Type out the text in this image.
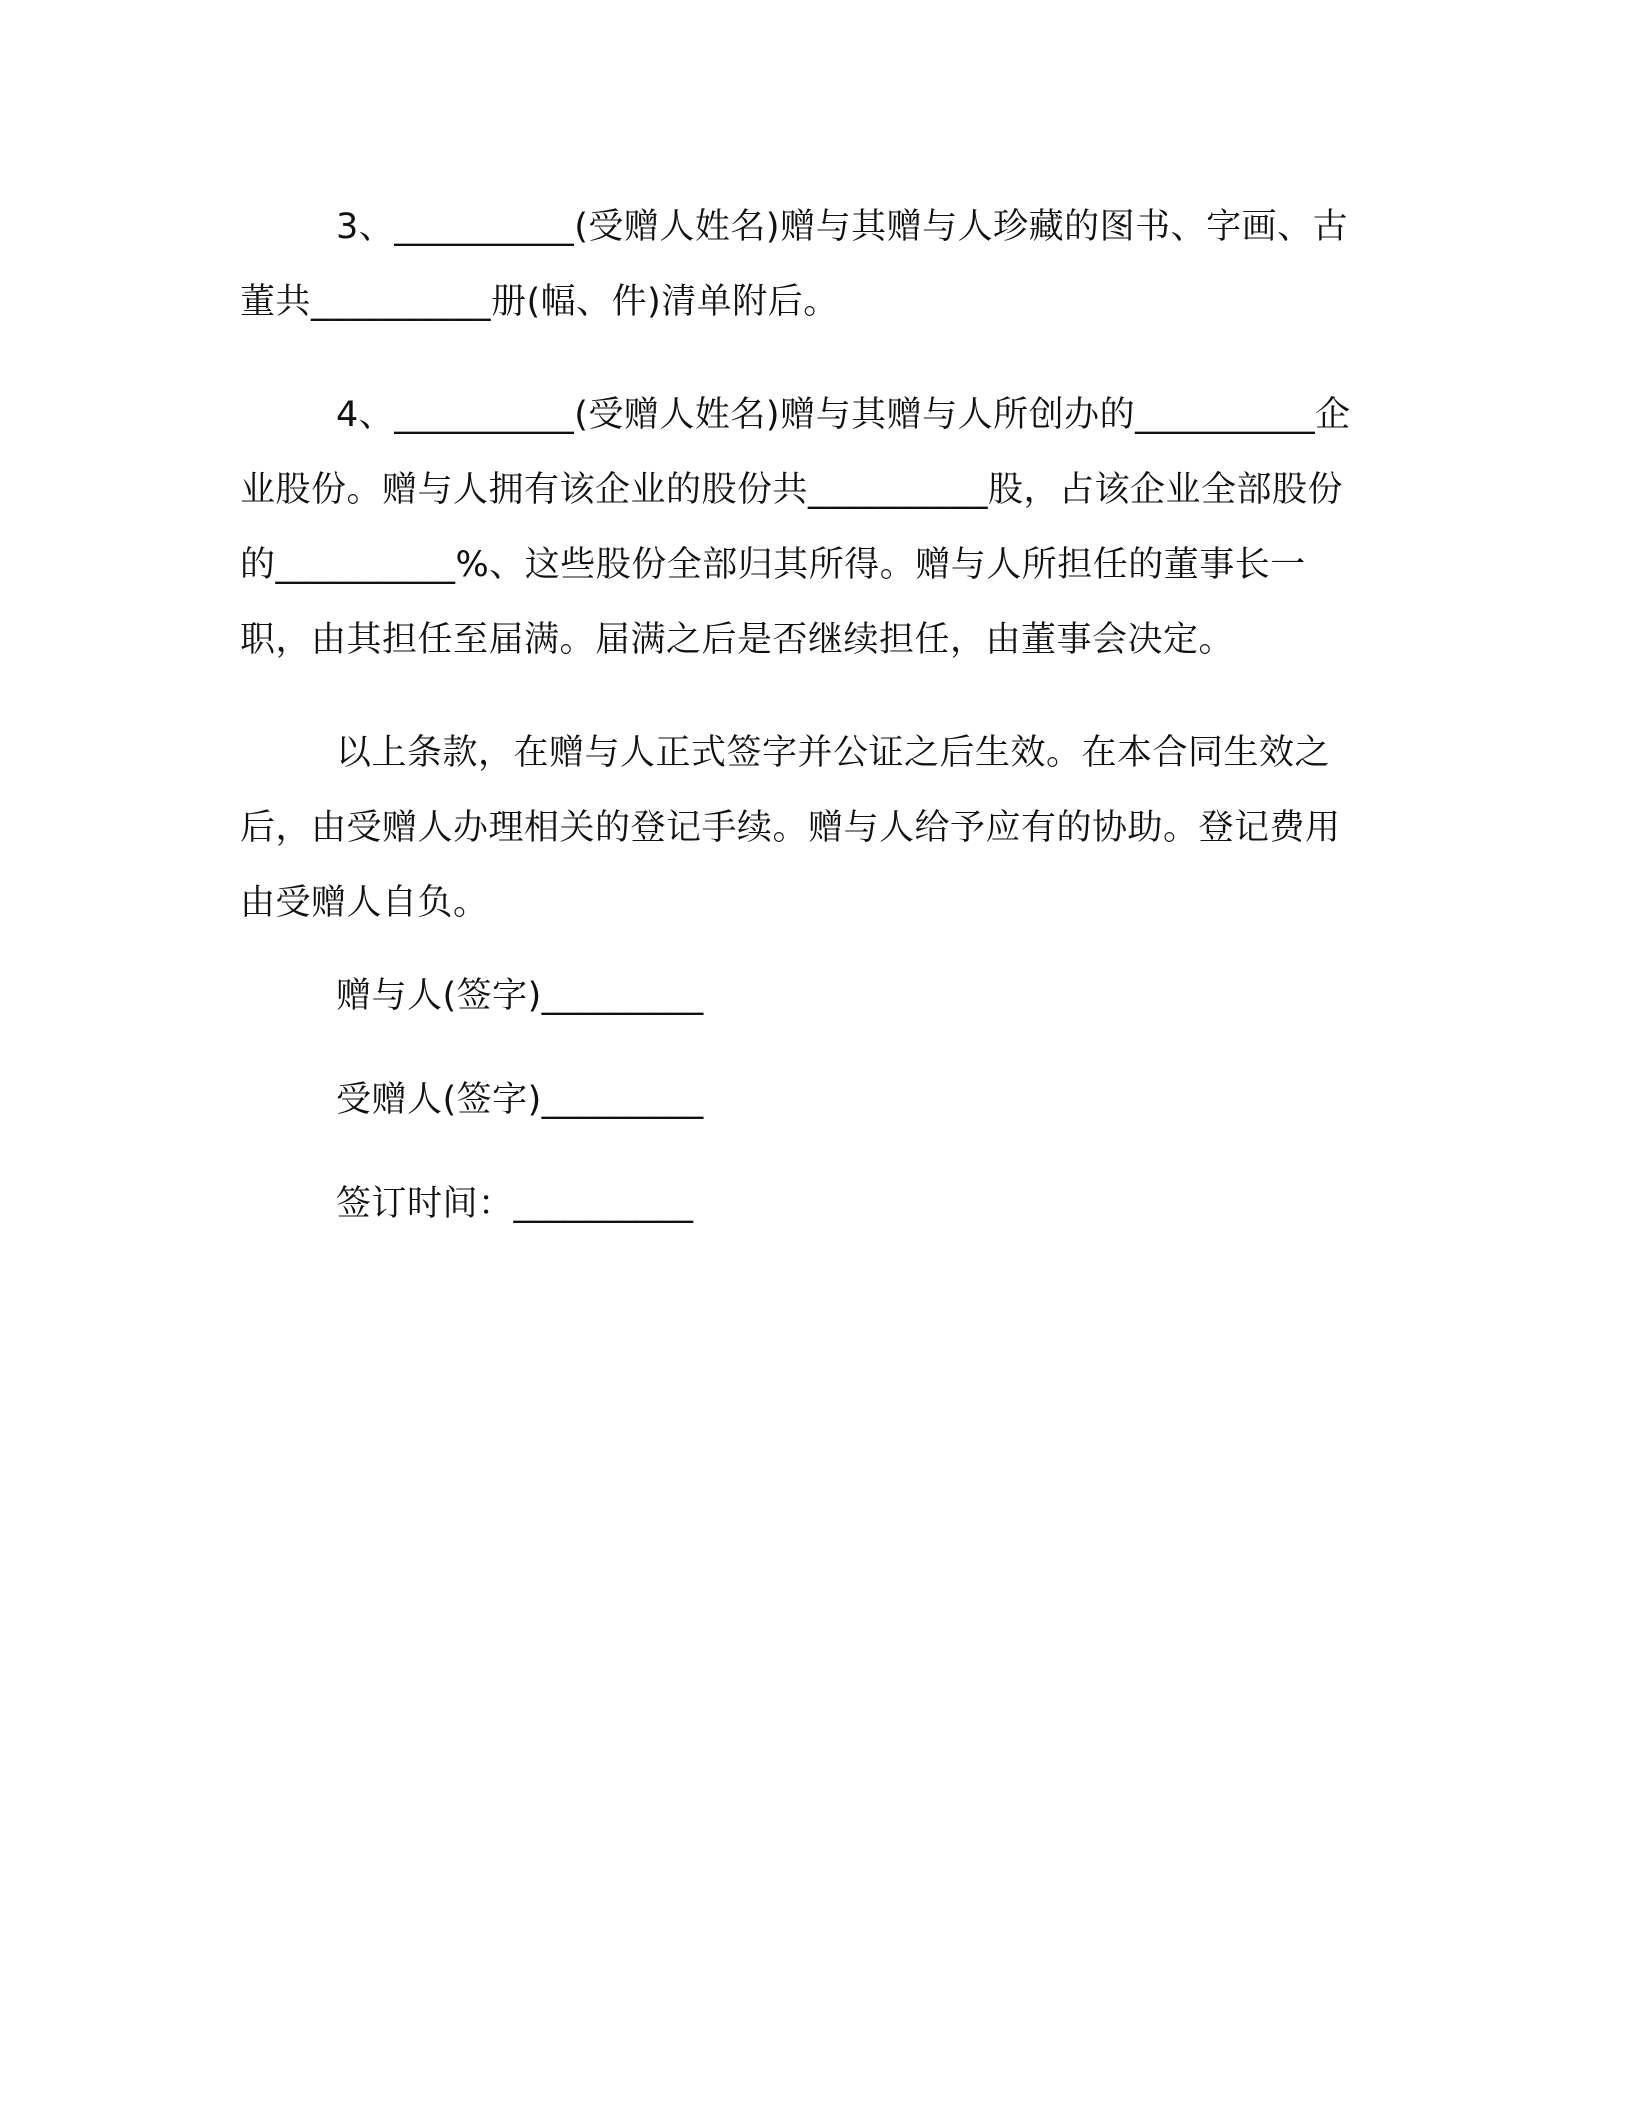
3、__________(受赠人姓名)赠与其赠与人珍藏的图书、字画、古董共__________册(幅、件)清单附后。

4、__________(受赠人姓名)赠与其赠与人所创办的__________企业股份。赠与人拥有该企业的股份共__________股，占该企业全部股份的__________%、这些股份全部归其所得。赠与人所担任的董事长一职，由其担任至届满。届满之后是否继续担任，由董事会决定。

以上条款，在赠与人正式签字并公证之后生效。在本合同生效之后，由受赠人办理相关的登记手续。赠与人给予应有的协助。登记费用由受赠人自负。

赠与人(签字)_________

受赠人(签字)_________

签订时间：__________
